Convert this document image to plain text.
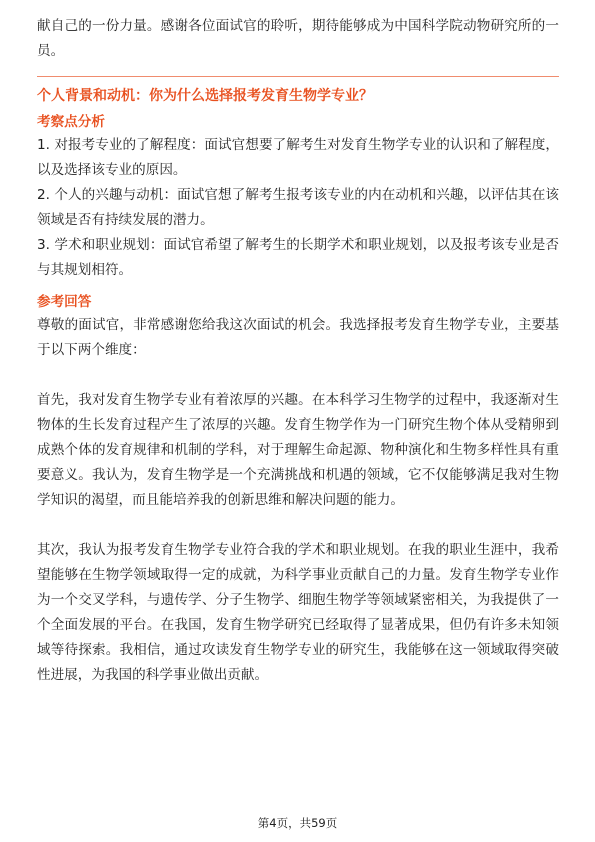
献自己的一份力量。感谢各位面试官的聆听，期待能够成为中国科学院动物研究所的一员。

个人背景和动机：你为什么选择报考发育生物学专业？
考察点分析

1. 对报考专业的了解程度：面试官想要了解考生对发育生物学专业的认识和了解程度，以及选择该专业的原因。

2. 个人的兴趣与动机：面试官想了解考生报考该专业的内在动机和兴趣，以评估其在该领域是否有持续发展的潜力。

3. 学术和职业规划：面试官希望了解考生的长期学术和职业规划，以及报考该专业是否与其规划相符。

参考回答

尊敬的面试官，非常感谢您给我这次面试的机会。我选择报考发育生物学专业，主要基于以下两个维度：

首先，我对发育生物学专业有着浓厚的兴趣。在本科学习生物学的过程中，我逐渐对生物体的生长发育过程产生了浓厚的兴趣。发育生物学作为一门研究生物个体从受精卵到成熟个体的发育规律和机制的学科，对于理解生命起源、物种演化和生物多样性具有重要意义。我认为，发育生物学是一个充满挑战和机遇的领域，它不仅能够满足我对生物学知识的渴望，而且能培养我的创新思维和解决问题的能力。

其次，我认为报考发育生物学专业符合我的学术和职业规划。在我的职业生涯中，我希望能够在生物学领域取得一定的成就，为科学事业贡献自己的力量。发育生物学专业作为一个交叉学科，与遗传学、分子生物学、细胞生物学等领域紧密相关，为我提供了一个全面发展的平台。在我国，发育生物学研究已经取得了显著成果，但仍有许多未知领域等待探索。我相信，通过攻读发育生物学专业的研究生，我能够在这一领域取得突破性进展，为我国的科学事业做出贡献。

第4页，共59页
